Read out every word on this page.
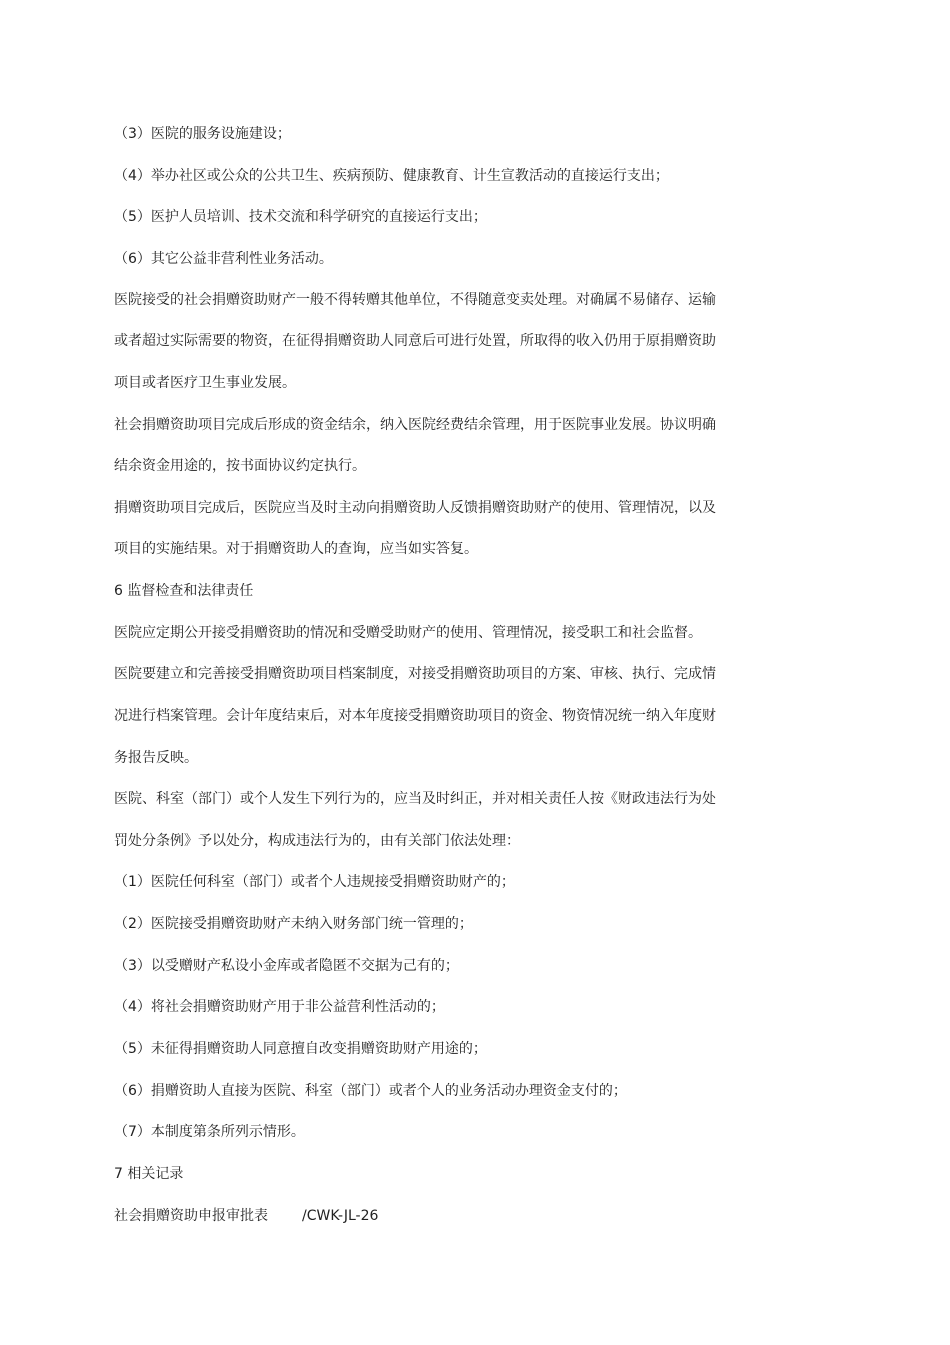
（3）医院的服务设施建设；
（4）举办社区或公众的公共卫生、疾病预防、健康教育、计生宣教活动的直接运行支出；
（5）医护人员培训、技术交流和科学研究的直接运行支出；
（6）其它公益非营利性业务活动。
医院接受的社会捐赠资助财产一般不得转赠其他单位，不得随意变卖处理。对确属不易储存、运输
或者超过实际需要的物资，在征得捐赠资助人同意后可进行处置，所取得的收入仍用于原捐赠资助
项目或者医疗卫生事业发展。
社会捐赠资助项目完成后形成的资金结余，纳入医院经费结余管理，用于医院事业发展。协议明确
结余资金用途的，按书面协议约定执行。
捐赠资助项目完成后，医院应当及时主动向捐赠资助人反馈捐赠资助财产的使用、管理情况，以及
项目的实施结果。对于捐赠资助人的查询，应当如实答复。
6 监督检查和法律责任
医院应定期公开接受捐赠资助的情况和受赠受助财产的使用、管理情况，接受职工和社会监督。
医院要建立和完善接受捐赠资助项目档案制度，对接受捐赠资助项目的方案、审核、执行、完成情
况进行档案管理。会计年度结束后，对本年度接受捐赠资助项目的资金、物资情况统一纳入年度财
务报告反映。
医院、科室（部门）或个人发生下列行为的，应当及时纠正，并对相关责任人按《财政违法行为处
罚处分条例》予以处分，构成违法行为的，由有关部门依法处理：
（1）医院任何科室（部门）或者个人违规接受捐赠资助财产的；
（2）医院接受捐赠资助财产未纳入财务部门统一管理的；
（3）以受赠财产私设小金库或者隐匿不交据为己有的；
（4）将社会捐赠资助财产用于非公益营利性活动的；
（5）未征得捐赠资助人同意擅自改变捐赠资助财产用途的；
（6）捐赠资助人直接为医院、科室（部门）或者个人的业务活动办理资金支付的；
（7）本制度第条所列示情形。
7 相关记录
社会捐赠资助申报审批表 /CWK-JL-26
